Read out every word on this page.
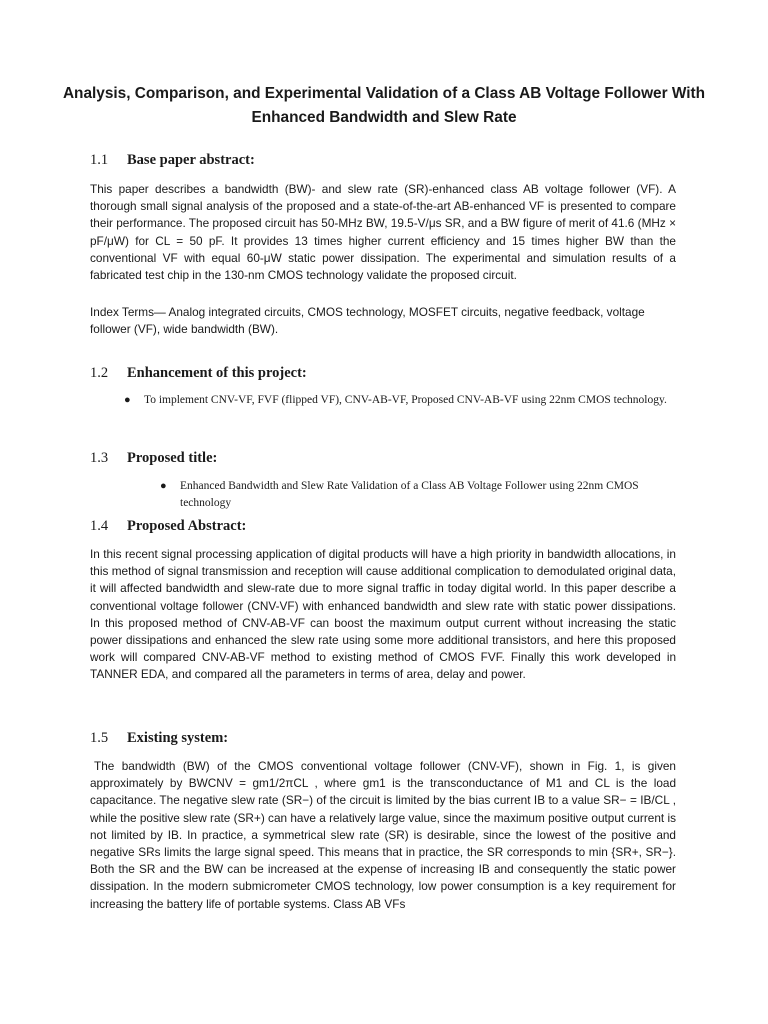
Analysis, Comparison, and Experimental Validation of a Class AB Voltage Follower With Enhanced Bandwidth and Slew Rate
1.1 Base paper abstract:

This paper describes a bandwidth (BW)- and slew rate (SR)-enhanced class AB voltage follower (VF). A thorough small signal analysis of the proposed and a state-of-the-art AB-enhanced VF is presented to compare their performance. The proposed circuit has 50-MHz BW, 19.5-V/μs SR, and a BW figure of merit of 41.6 (MHz × pF/μW) for CL = 50 pF. It provides 13 times higher current efficiency and 15 times higher BW than the conventional VF with equal 60-μW static power dissipation. The experimental and simulation results of a fabricated test chip in the 130-nm CMOS technology validate the proposed circuit.

Index Terms— Analog integrated circuits, CMOS technology, MOSFET circuits, negative feedback, voltage follower (VF), wide bandwidth (BW).

1.2 Enhancement of this project:
● To implement CNV-VF, FVF (flipped VF), CNV-AB-VF, Proposed CNV-AB-VF using 22nm CMOS technology.
1.3 Proposed title:
● Enhanced Bandwidth and Slew Rate Validation of a Class AB Voltage Follower using 22nm CMOS technology
1.4 Proposed Abstract:

In this recent signal processing application of digital products will have a high priority in bandwidth allocations, in this method of signal transmission and reception will cause additional complication to demodulated original data, it will affected bandwidth and slew-rate due to more signal traffic in today digital world. In this paper describe a conventional voltage follower (CNV-VF) with enhanced bandwidth and slew rate with static power dissipations. In this proposed method of CNV-AB-VF can boost the maximum output current without increasing the static power dissipations and enhanced the slew rate using some more additional transistors, and here this proposed work will compared CNV-AB-VF method to existing method of CMOS FVF. Finally this work developed in TANNER EDA, and compared all the parameters in terms of area, delay and power.

1.5 Existing system:

The bandwidth (BW) of the CMOS conventional voltage follower (CNV-VF), shown in Fig. 1, is given approximately by BWCNV = gm1/2πCL , where gm1 is the transconductance of M1 and CL is the load capacitance. The negative slew rate (SR−) of the circuit is limited by the bias current IB to a value SR− = IB/CL , while the positive slew rate (SR+) can have a relatively large value, since the maximum positive output current is not limited by IB. In practice, a symmetrical slew rate (SR) is desirable, since the lowest of the positive and negative SRs limits the large signal speed. This means that in practice, the SR corresponds to min {SR+, SR−}. Both the SR and the BW can be increased at the expense of increasing IB and consequently the static power dissipation. In the modern submicrometer CMOS technology, low power consumption is a key requirement for increasing the battery life of portable systems. Class AB VFs
